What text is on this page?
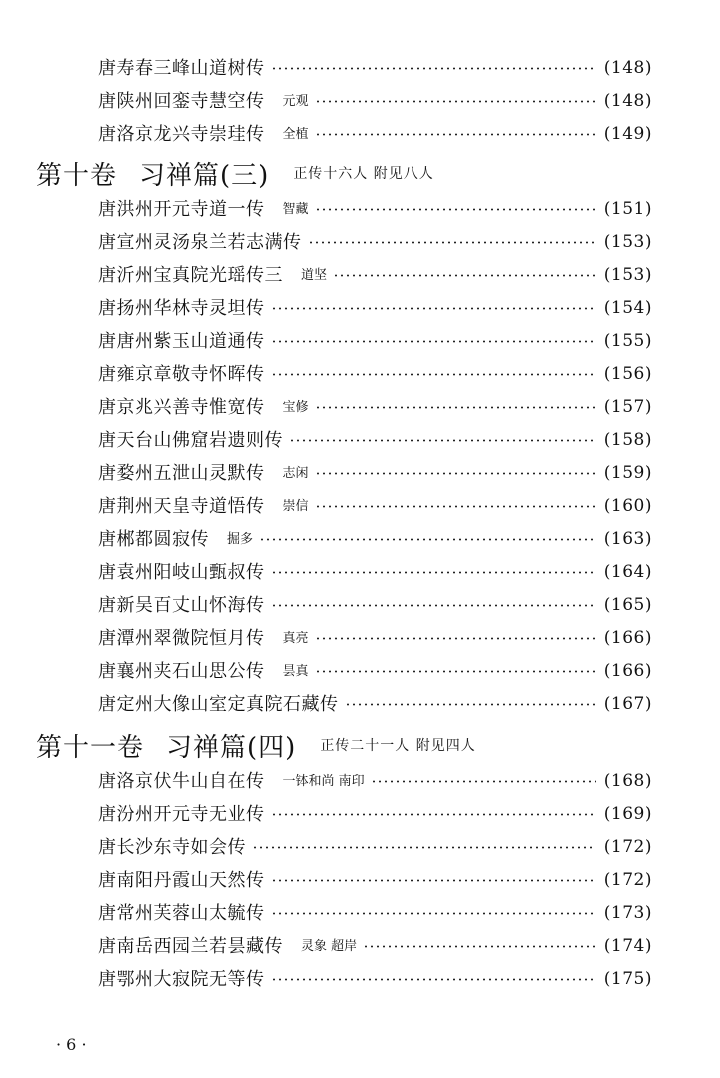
唐寿春三峰山道树传	(148)
唐陕州回銮寺慧空传 元观	(148)
唐洛京龙兴寺崇珪传 全植	(149)
第十卷 习禅篇(三) 正传十六人 附见八人
唐洪州开元寺道一传 智藏	(151)
唐宣州灵汤泉兰若志满传	(153)
唐沂州宝真院光瑶传三 道坚	(153)
唐扬州华林寺灵坦传	(154)
唐唐州紫玉山道通传	(155)
唐雍京章敬寺怀晖传	(156)
唐京兆兴善寺惟宽传 宝修	(157)
唐天台山佛窟岩遗则传	(158)
唐婺州五泄山灵默传 志闲	(159)
唐荆州天皇寺道悟传 崇信	(160)
唐郴都圆寂传 掘多	(163)
唐袁州阳岐山甄叔传	(164)
唐新吴百丈山怀海传	(165)
唐潭州翠微院恒月传 真亮	(166)
唐襄州夹石山思公传 昙真	(166)
唐定州大像山室定真院石藏传	(167)
第十一卷 习禅篇(四) 正传二十一人 附见四人
唐洛京伏牛山自在传 一钵和尚 南印	(168)
唐汾州开元寺无业传	(169)
唐长沙东寺如会传	(172)
唐南阳丹霞山天然传	(172)
唐常州芙蓉山太毓传	(173)
唐南岳西园兰若昙藏传 灵象 超岸	(174)
唐鄂州大寂院无等传	(175)
· 6 ·
